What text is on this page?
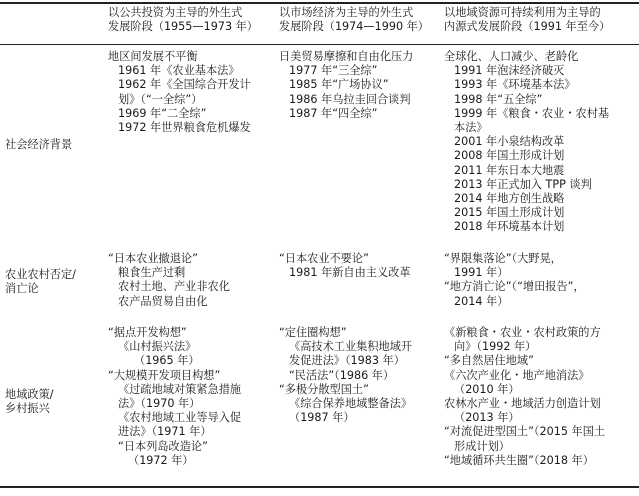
以公共投资为主导的外生式
发展阶段（1955—1973 年）
以市场经济为主导的外生式
发展阶段（1974—1990 年）
以地域资源可持续利用为主导的
内源式发展阶段（1991 年至今）
社会经济背景
地区间发展不平衡
1961 年《农业基本法》
1962 年《全国综合开发计
划》（“一全综”）
1969 年“二全综”
1972 年世界粮食危机爆发
日美贸易摩擦和自由化压力
1977 年“三全综”
1985 年“广场协议”
1986 年乌拉圭回合谈判
1987 年“四全综”
全球化、人口减少、老龄化
1991 年泡沫经济破灭
1993 年《环境基本法》
1998 年“五全综”
1999 年《粮食・农业・农村基
本法》
2001 年小泉结构改革
2008 年国土形成计划
2011 年东日本大地震
2013 年正式加入 TPP 谈判
2014 年地方创生战略
2015 年国土形成计划
2018 年环境基本计划
农业农村否定/
消亡论
“日本农业撤退论”
粮食生产过剩
农村土地、产业非农化
农产品贸易自由化
“日本农业不要论”
1981 年新自由主义改革
“界限集落论”（大野晃，
1991 年）
“地方消亡论”（“增田报告”，
2014 年）
地域政策/
乡村振兴
“据点开发构想”
《山村振兴法》
（1965 年）
“大规模开发项目构想”
《过疏地域对策紧急措施
法》（1970 年）
《农村地域工业等导入促
进法》（1971 年）
“日本列岛改造论”
（1972 年）
“定住圈构想”
《高技术工业集积地域开
发促进法》（1983 年）
“民活法”（1986 年）
“多极分散型国土”
《综合保养地域整备法》
（1987 年）
《新粮食・农业・农村政策的方
向》（1992 年）
“多自然居住地域”
《六次产业化・地产地消法》
（2010 年）
农林水产业・地域活力创造计划
（2013 年）
“对流促进型国土”（2015 年国土
形成计划）
“地域循环共生圈”（2018 年）
